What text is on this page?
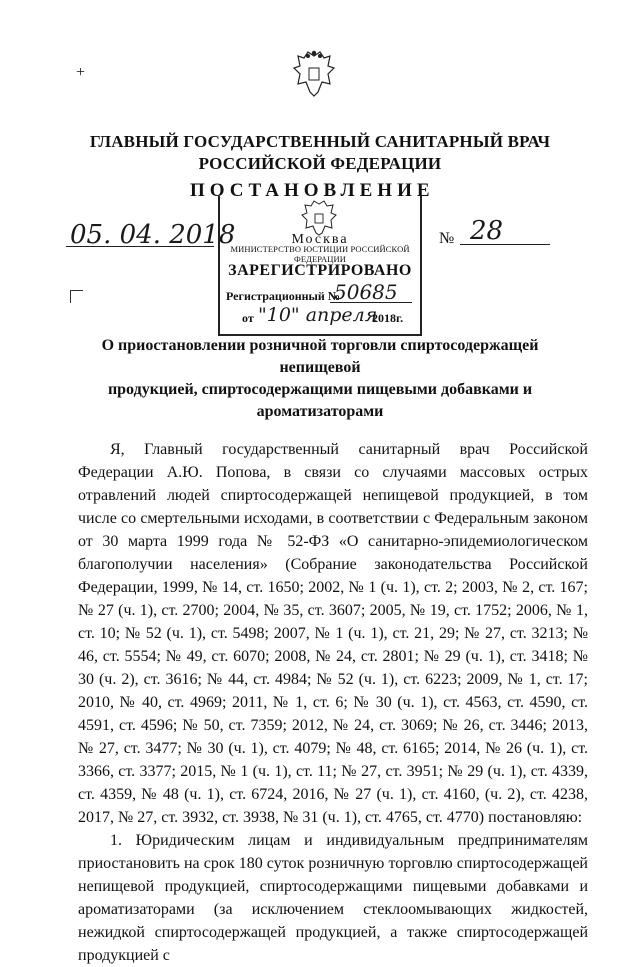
+
ГЛАВНЫЙ ГОСУДАРСТВЕННЫЙ САНИТАРНЫЙ ВРАЧ
РОССИЙСКОЙ ФЕДЕРАЦИИ
ПОСТАНОВЛЕНИЕ
05. 04. 2018	№ 28
Москва
МИНИСТЕРСТВО ЮСТИЦИИ РОССИЙСКОЙ ФЕДЕРАЦИИ
ЗАРЕГИСТРИРОВАНО
Регистрационный №
50685
от "10" апреля
2018г.
О приостановлении розничной торговли спиртосодержащей непищевой
продукцией, спиртосодержащими пищевыми добавками и
ароматизаторами

Я, Главный государственный санитарный врач Российской Федерации А.Ю. Попова, в связи со случаями массовых острых отравлений людей спиртосодержащей непищевой продукцией, в том числе со смертельными исходами, в соответствии с Федеральным законом от 30 марта 1999 года № 52-ФЗ «О санитарно-эпидемиологическом благополучии населения» (Собрание законодательства Российской Федерации, 1999, № 14, ст. 1650; 2002, № 1 (ч. 1), ст. 2; 2003, № 2, ст. 167; № 27 (ч. 1), ст. 2700; 2004, № 35, ст. 3607; 2005, № 19, ст. 1752; 2006, № 1, ст. 10; № 52 (ч. 1), ст. 5498; 2007, № 1 (ч. 1), ст. 21, 29; № 27, ст. 3213; № 46, ст. 5554; № 49, ст. 6070; 2008, № 24, ст. 2801; № 29 (ч. 1), ст. 3418; № 30 (ч. 2), ст. 3616; № 44, ст. 4984; № 52 (ч. 1), ст. 6223; 2009, № 1, ст. 17; 2010, № 40, ст. 4969; 2011, № 1, ст. 6; № 30 (ч. 1), ст. 4563, ст. 4590, ст. 4591, ст. 4596; № 50, ст. 7359; 2012, № 24, ст. 3069; № 26, ст. 3446; 2013, № 27, ст. 3477; № 30 (ч. 1), ст. 4079; № 48, ст. 6165; 2014, № 26 (ч. 1), ст. 3366, ст. 3377; 2015, № 1 (ч. 1), ст. 11; № 27, ст. 3951; № 29 (ч. 1), ст. 4339, ст. 4359, № 48 (ч. 1), ст. 6724, 2016, № 27 (ч. 1), ст. 4160, (ч. 2), ст. 4238, 2017, № 27, ст. 3932, ст. 3938, № 31 (ч. 1), ст. 4765, ст. 4770) постановляю:

1. Юридическим лицам и индивидуальным предпринимателям приостановить на срок 180 суток розничную торговлю спиртосодержащей непищевой продукцией, спиртосодержащими пищевыми добавками и ароматизаторами (за исключением стеклоомывающих жидкостей, нежидкой спиртосодержащей продукцией, а также спиртосодержащей продукцией с
